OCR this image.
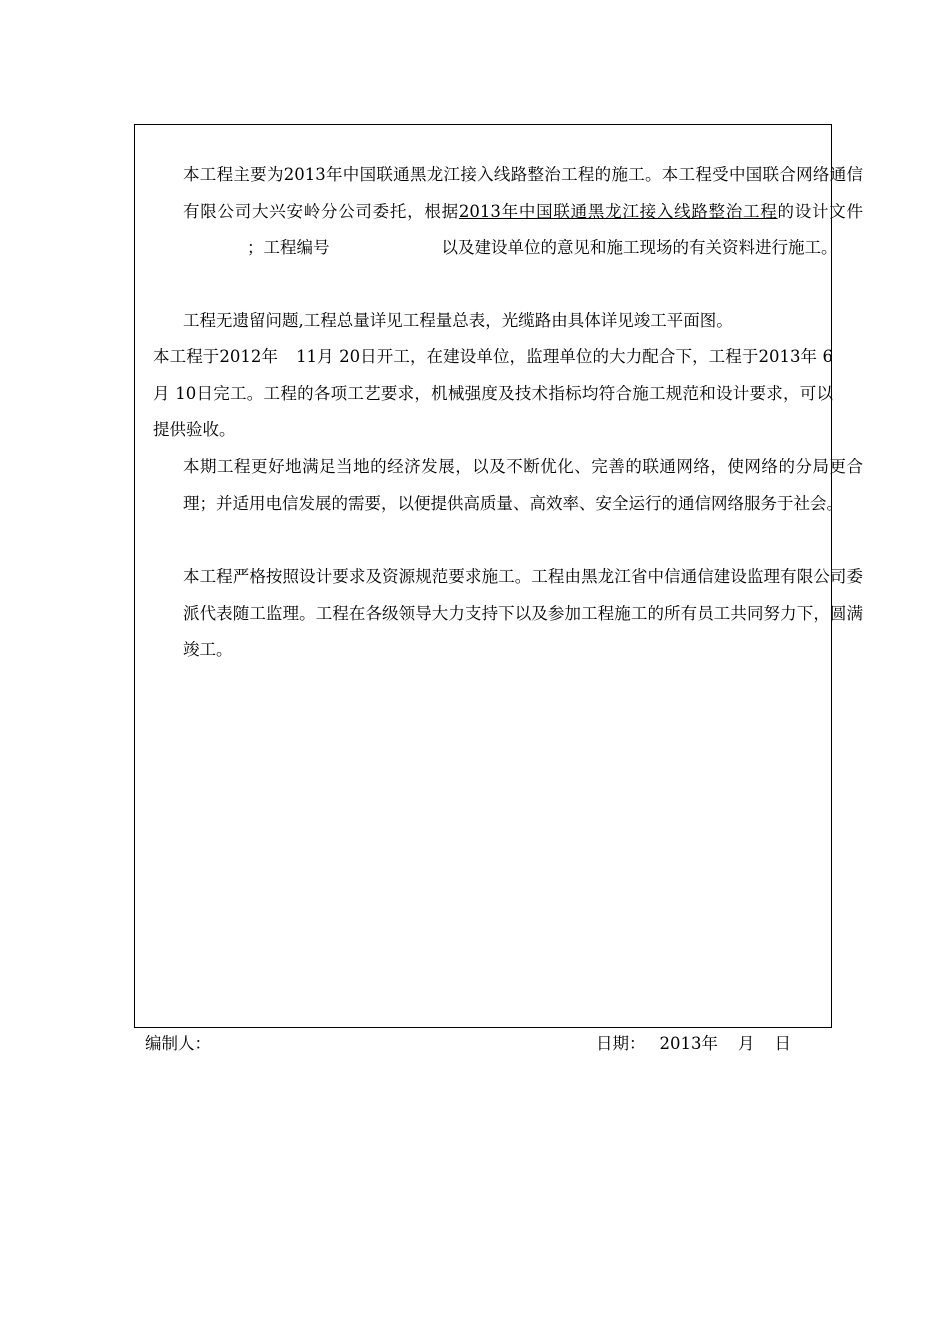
本工程主要为2013年中国联通黑龙江接入线路整治工程的施工。本工程受中国联合网络通信有限公司大兴安岭分公司委托，根据2013年中国联通黑龙江接入线路整治工程的设计文件；工程编号	以及建设单位的意见和施工现场的有关资料进行施工。

工程无遗留问题,工程总量详见工程量总表，光缆路由具体详见竣工平面图。

本工程于2012年 11月 20日开工，在建设单位，监理单位的大力配合下，工程于2013年 6月 10日完工。工程的各项工艺要求，机械强度及技术指标均符合施工规范和设计要求，可以提供验收。

本期工程更好地满足当地的经济发展，以及不断优化、完善的联通网络，使网络的分局更合理；并适用电信发展的需要，以便提供高质量、高效率、安全运行的通信网络服务于社会。

本工程严格按照设计要求及资源规范要求施工。工程由黑龙江省中信通信建设监理有限公司委派代表随工监理。工程在各级领导大力支持下以及参加工程施工的所有员工共同努力下，圆满竣工。

编制人：	日期： 2013年 月 日
